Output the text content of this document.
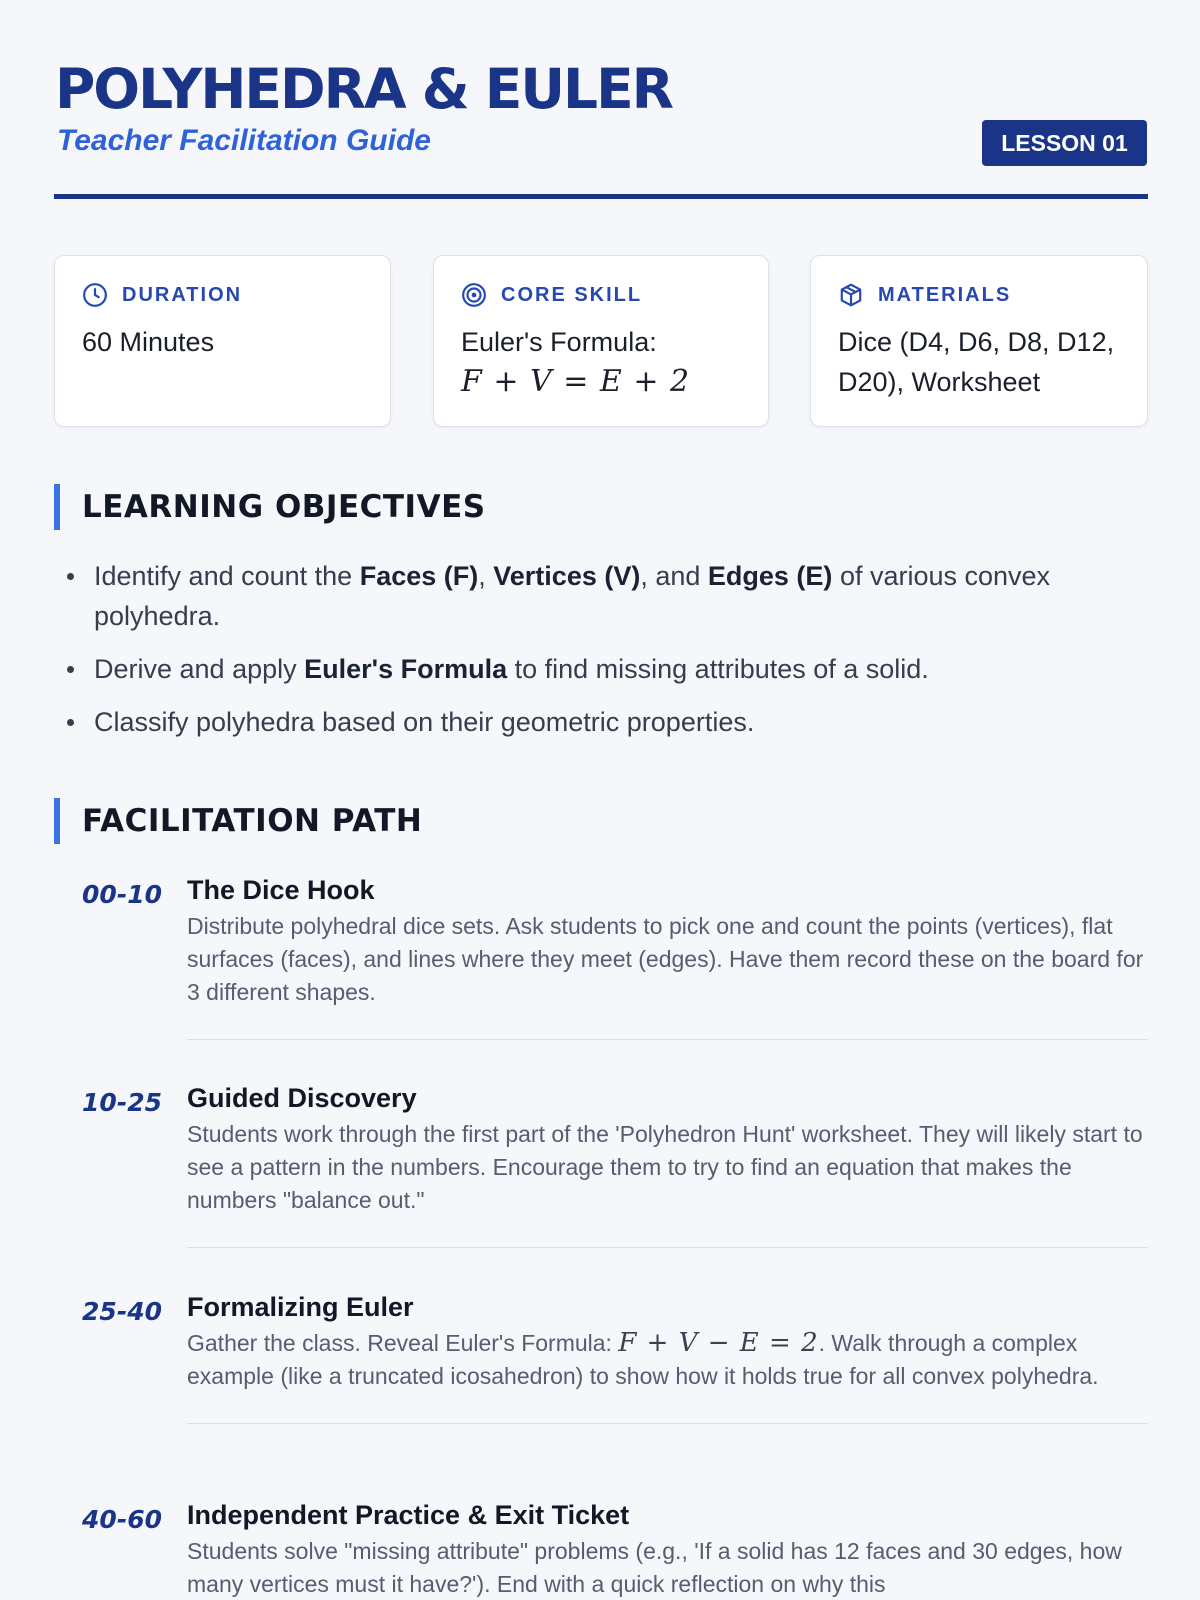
POLYHEDRA & EULER
Teacher Facilitation Guide	LESSON 01
DURATION
60 Minutes
CORE SKILL
Euler's Formula:
F + V = E + 2
MATERIALS
Dice (D4, D6, D8, D12, D20), Worksheet
LEARNING OBJECTIVES
Identify and count the Faces (F), Vertices (V), and Edges (E) of various convex polyhedra.
Derive and apply Euler's Formula to find missing attributes of a solid.
Classify polyhedra based on their geometric properties.
FACILITATION PATH
00-10 The Dice Hook
Distribute polyhedral dice sets. Ask students to pick one and count the points (vertices), flat surfaces (faces), and lines where they meet (edges). Have them record these on the board for 3 different shapes.
10-25 Guided Discovery
Students work through the first part of the 'Polyhedron Hunt' worksheet. They will likely start to see a pattern in the numbers. Encourage them to try to find an equation that makes the numbers "balance out."
25-40 Formalizing Euler
Gather the class. Reveal Euler's Formula: F + V − E = 2. Walk through a complex example (like a truncated icosahedron) to show how it holds true for all convex polyhedra.
40-60 Independent Practice & Exit Ticket
Students solve "missing attribute" problems (e.g., 'If a solid has 12 faces and 30 edges, how many vertices must it have?'). End with a quick reflection on why this
